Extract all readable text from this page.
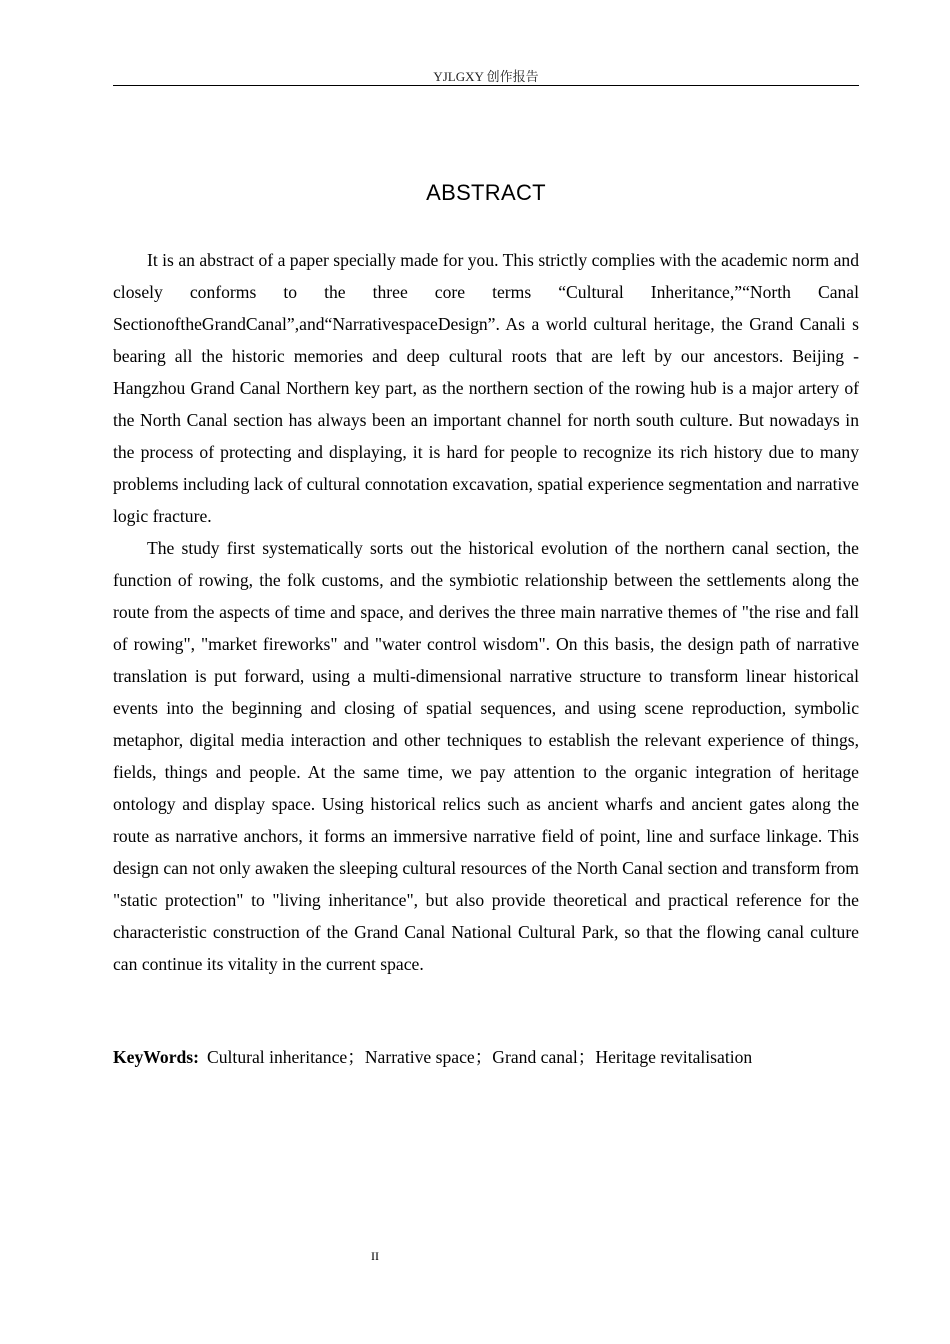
YJLGXY 创作报告
ABSTRACT

It is an abstract of a paper specially made for you. This strictly complies with the academic norm and closely conforms to the three core terms “Cultural Inheritance,”“North Canal SectionoftheGrandCanal”,and“NarrativespaceDesign”. As a world cultural heritage, the Grand Canali s bearing all the historic memories and deep cultural roots that are left by our ancestors. Beijing - Hangzhou Grand Canal Northern key part, as the northern section of the rowing hub is a major artery of the North Canal section has always been an important channel for north south culture. But nowadays in the process of protecting and displaying, it is hard for people to recognize its rich history due to many problems including lack of cultural connotation excavation, spatial experience segmentation and narrative logic fracture.

The study first systematically sorts out the historical evolution of the northern canal section, the function of rowing, the folk customs, and the symbiotic relationship between the settlements along the route from the aspects of time and space, and derives the three main narrative themes of "the rise and fall of rowing", "market fireworks" and "water control wisdom". On this basis, the design path of narrative translation is put forward, using a multi-dimensional narrative structure to transform linear historical events into the beginning and closing of spatial sequences, and using scene reproduction, symbolic metaphor, digital media interaction and other techniques to establish the relevant experience of things, fields, things and people. At the same time, we pay attention to the organic integration of heritage ontology and display space. Using historical relics such as ancient wharfs and ancient gates along the route as narrative anchors, it forms an immersive narrative field of point, line and surface linkage. This design can not only awaken the sleeping cultural resources of the North Canal section and transform from "static protection" to "living inheritance", but also provide theoretical and practical reference for the characteristic construction of the Grand Canal National Cultural Park, so that the flowing canal culture can continue its vitality in the current space.

KeyWords: Cultural inheritance；Narrative space；Grand canal；Heritage revitalisation
II
